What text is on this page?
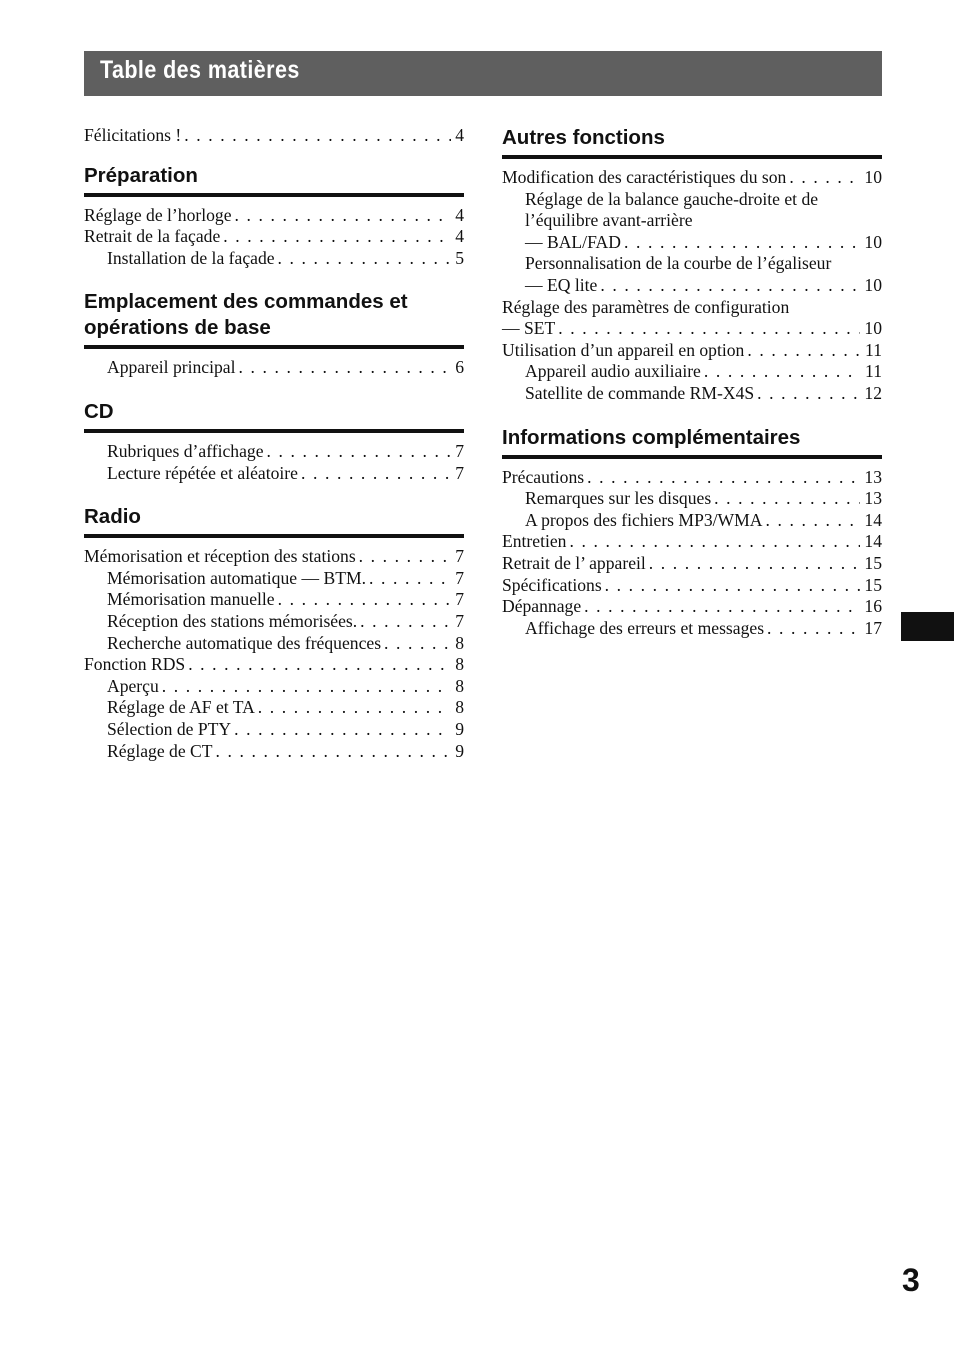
Table des matières
Félicitations ! . . .	4
Préparation
Réglage de l’horloge . . .	4
Retrait de la façade . . .	4
Installation de la façade . . .	5
Emplacement des commandes et
opérations de base
Appareil principal . . .	6
CD
Rubriques d’affichage . . .	7
Lecture répétée et aléatoire . . .	7
Radio
Mémorisation et réception des stations . . .	7
Mémorisation automatique — BTM. . . .	7
Mémorisation manuelle . . .	7
Réception des stations mémorisées. . . .	7
Recherche automatique des fréquences . . .	8
Fonction RDS . . .	8
Aperçu . . .	8
Réglage de AF et TA . . .	8
Sélection de PTY . . .	9
Réglage de CT . . .	9
Autres fonctions
Modification des caractéristiques du son . . .	10
Réglage de la balance gauche-droite et de
l’équilibre avant-arrière
— BAL/FAD . . .	10
Personnalisation de la courbe de l’égaliseur
— EQ lite . . .	10
Réglage des paramètres de configuration
— SET . . .	10
Utilisation d’un appareil en option . . .	11
Appareil audio auxiliaire . . .	11
Satellite de commande RM-X4S . . .	12
Informations complémentaires
Précautions . . .	13
Remarques sur les disques . . .	13
A propos des fichiers MP3/WMA . . .	14
Entretien . . .	14
Retrait de l’ appareil . . .	15
Spécifications . . .	15
Dépannage . . .	16
Affichage des erreurs et messages . . .	17
3
